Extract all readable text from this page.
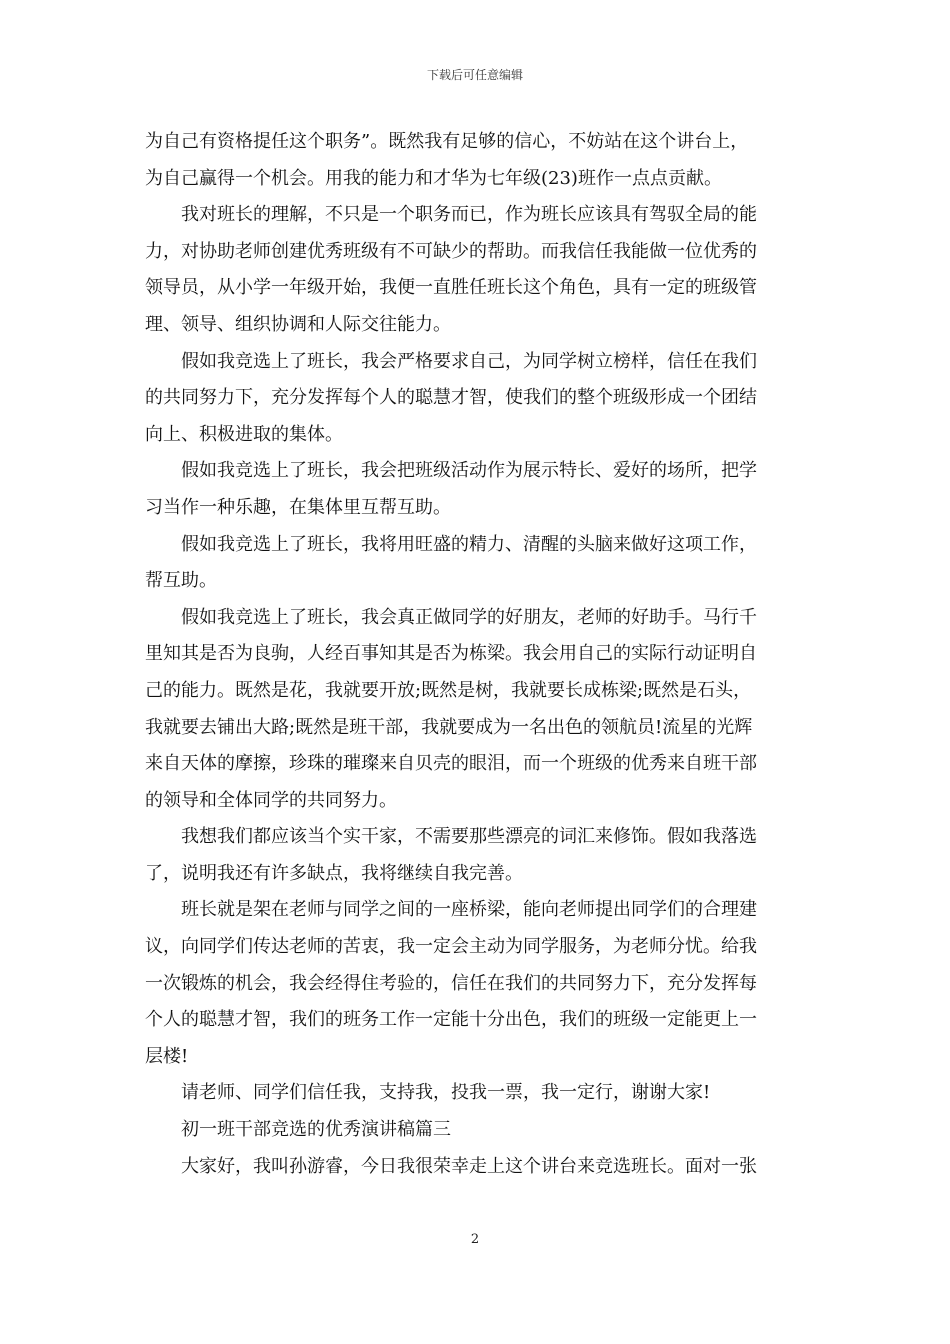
下载后可任意编辑
为自己有资格提任这个职务”。既然我有足够的信心，不妨站在这个讲台上，
为自己赢得一个机会。用我的能力和才华为七年级(23)班作一点点贡献。
我对班长的理解，不只是一个职务而已，作为班长应该具有驾驭全局的能
力，对协助老师创建优秀班级有不可缺少的帮助。而我信任我能做一位优秀的
领导员，从小学一年级开始，我便一直胜任班长这个角色，具有一定的班级管
理、领导、组织协调和人际交往能力。
假如我竞选上了班长，我会严格要求自己，为同学树立榜样，信任在我们
的共同努力下，充分发挥每个人的聪慧才智，使我们的整个班级形成一个团结
向上、积极进取的集体。
假如我竞选上了班长，我会把班级活动作为展示特长、爱好的场所，把学
习当作一种乐趣，在集体里互帮互助。
假如我竞选上了班长，我将用旺盛的精力、清醒的头脑来做好这项工作，
帮互助。
假如我竞选上了班长，我会真正做同学的好朋友，老师的好助手。马行千
里知其是否为良驹，人经百事知其是否为栋梁。我会用自己的实际行动证明自
己的能力。既然是花，我就要开放;既然是树，我就要长成栋梁;既然是石头，
我就要去铺出大路;既然是班干部，我就要成为一名出色的领航员!流星的光辉
来自天体的摩擦，珍珠的璀璨来自贝壳的眼泪，而一个班级的优秀来自班干部
的领导和全体同学的共同努力。
我想我们都应该当个实干家，不需要那些漂亮的词汇来修饰。假如我落选
了，说明我还有许多缺点，我将继续自我完善。
班长就是架在老师与同学之间的一座桥梁，能向老师提出同学们的合理建
议，向同学们传达老师的苦衷，我一定会主动为同学服务，为老师分忧。给我
一次锻炼的机会，我会经得住考验的，信任在我们的共同努力下，充分发挥每
个人的聪慧才智，我们的班务工作一定能十分出色，我们的班级一定能更上一
层楼!
请老师、同学们信任我，支持我，投我一票，我一定行，谢谢大家!
初一班干部竞选的优秀演讲稿篇三
大家好，我叫孙游睿，今日我很荣幸走上这个讲台来竞选班长。面对一张
2
